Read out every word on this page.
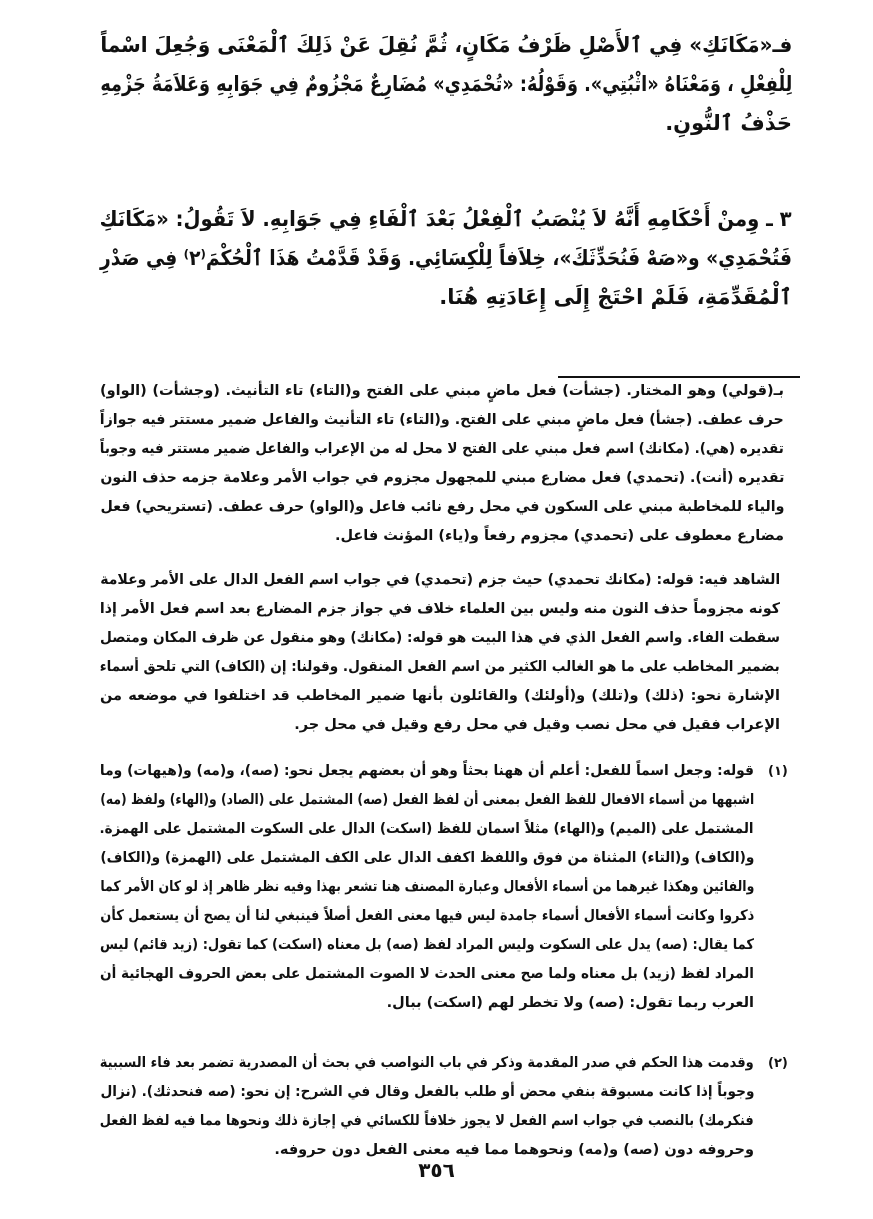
فـ«مَكَانَكِ» فِي ٱلأَصْلِ ظَرْفُ مَكَانٍ، ثُمَّ نُقِلَ عَنْ ذَلِكَ ٱلْمَعْنَى وَجُعِلَ اسْماً
لِلْفِعْلِ ، وَمَعْنَاهُ «اثْبُتِي». وَقَوْلُهُ: «تُحْمَدِي» مُضَارِعٌ مَجْزُومٌ فِي جَوَابِهِ وَعَلاَمَةُ جَزْمِهِ
حَذْفُ ٱلنُّونِ.
٣ ـ وِمنْ أَحْكَامِهِ أَنَّهُ لاَ يُنْصَبُ ٱلْفِعْلُ بَعْدَ ٱلْفَاءِ فِي جَوَابِهِ. لاَ تَقُولُ: «مَكَانَكِ
فَتُحْمَدِي» و«صَهْ فَنُحَدِّثَكَ»، خِلاَفاً لِلْكِسَائِي. وَقَدْ قَدَّمْتُ هَذَا ٱلْحُكْمَ⁽٢⁾ فِي صَدْرِ
ٱلْمُقَدِّمَةِ، فَلَمْ احْتَجْ إِلَى إِعَادَتِهِ هُنَا.
بـ(قولي) وهو المختار. (جشأت) فعل ماضٍ مبني على الفتح و(التاء) تاء التأنيث. (وجشأت) (الواو)
حرف عطف. (جشأ) فعل ماضٍ مبني على الفتح. و(التاء) تاء التأنيث والفاعل ضمير مستتر فيه جوازاً
تقديره (هي). (مكانك) اسم فعل مبني على الفتح لا محل له من الإعراب والفاعل ضمير مستتر فيه وجوباً
تقديره (أنت). (تحمدي) فعل مضارع مبني للمجهول مجزوم في جواب الأمر وعلامة جزمه حذف النون
والياء للمخاطبة مبني على السكون في محل رفع نائب فاعل و(الواو) حرف عطف. (تستريحي) فعل
مضارع معطوف على (تحمدي) مجزوم رفعاً و(ياء) المؤنث فاعل.
الشاهد فيه: قوله: (مكانك تحمدي) حيث جزم (تحمدي) في جواب اسم الفعل الدال على الأمر وعلامة
كونه مجزوماً حذف النون منه وليس بين العلماء خلاف في جواز جزم المضارع بعد اسم فعل الأمر إذا
سقطت الفاء. واسم الفعل الذي في هذا البيت هو قوله: (مكانك) وهو منقول عن ظرف المكان ومتصل
بضمير المخاطب على ما هو الغالب الكثير من اسم الفعل المنقول. وقولنا: إن (الكاف) التي تلحق أسماء
الإشارة نحو: (ذلك) و(تلك) و(أولئك) والقائلون بأنها ضمير المخاطب قد اختلفوا في موضعه من
الإعراب فقيل في محل نصب وقيل في محل رفع وقيل في محل جر.
(١)
قوله: وجعل اسماً للفعل: أعلم أن ههنا بحثاً وهو أن بعضهم يجعل نحو: (صه)، و(مه) و(هيهات) وما
اشبهها من أسماء الافعال للفظ الفعل بمعنى أن لفظ الفعل (صه) المشتمل على (الصاد) و(الهاء) ولفظ (مه)
المشتمل على (الميم) و(الهاء) مثلاً اسمان للفظ (اسكت) الدال على السكوت المشتمل على الهمزة.
و(الكاف) و(التاء) المثناة من فوق واللفظ اكفف الدال على الكف المشتمل على (الهمزة) و(الكاف)
والفائين وهكذا غيرهما من أسماء الأفعال وعبارة المصنف هنا تشعر بهذا وفيه نظر ظاهر إذ لو كان الأمر كما
ذكروا وكانت أسماء الأفعال أسماء جامدة ليس فيها معنى الفعل أصلاً فينبغي لنا أن يصح أن يستعمل كأن
كما يقال: (صه) يدل على السكوت وليس المراد لفظ (صه) بل معناه (اسكت) كما تقول: (زيد قائم) ليس
المراد لفظ (زيد) بل معناه ولما صح معنى الحدث لا الصوت المشتمل على بعض الحروف الهجائية أن
العرب ربما تقول: (صه) ولا تخطر لهم (اسكت) ببال.
(٢)
وقدمت هذا الحكم في صدر المقدمة وذكر في باب النواصب في بحث أن المصدرية تضمر بعد فاء السببية
وجوباً إذا كانت مسبوقة بنفي محض أو طلب بالفعل وقال في الشرح: إن نحو: (صه فنحدثك). (نزال
فنكرمك) بالنصب في جواب اسم الفعل لا يجوز خلافاً للكسائي في إجازة ذلك ونحوها مما فيه لفظ الفعل
وحروفه دون (صه) و(مه) ونحوهما مما فيه معنى الفعل دون حروفه.
٣٥٦
